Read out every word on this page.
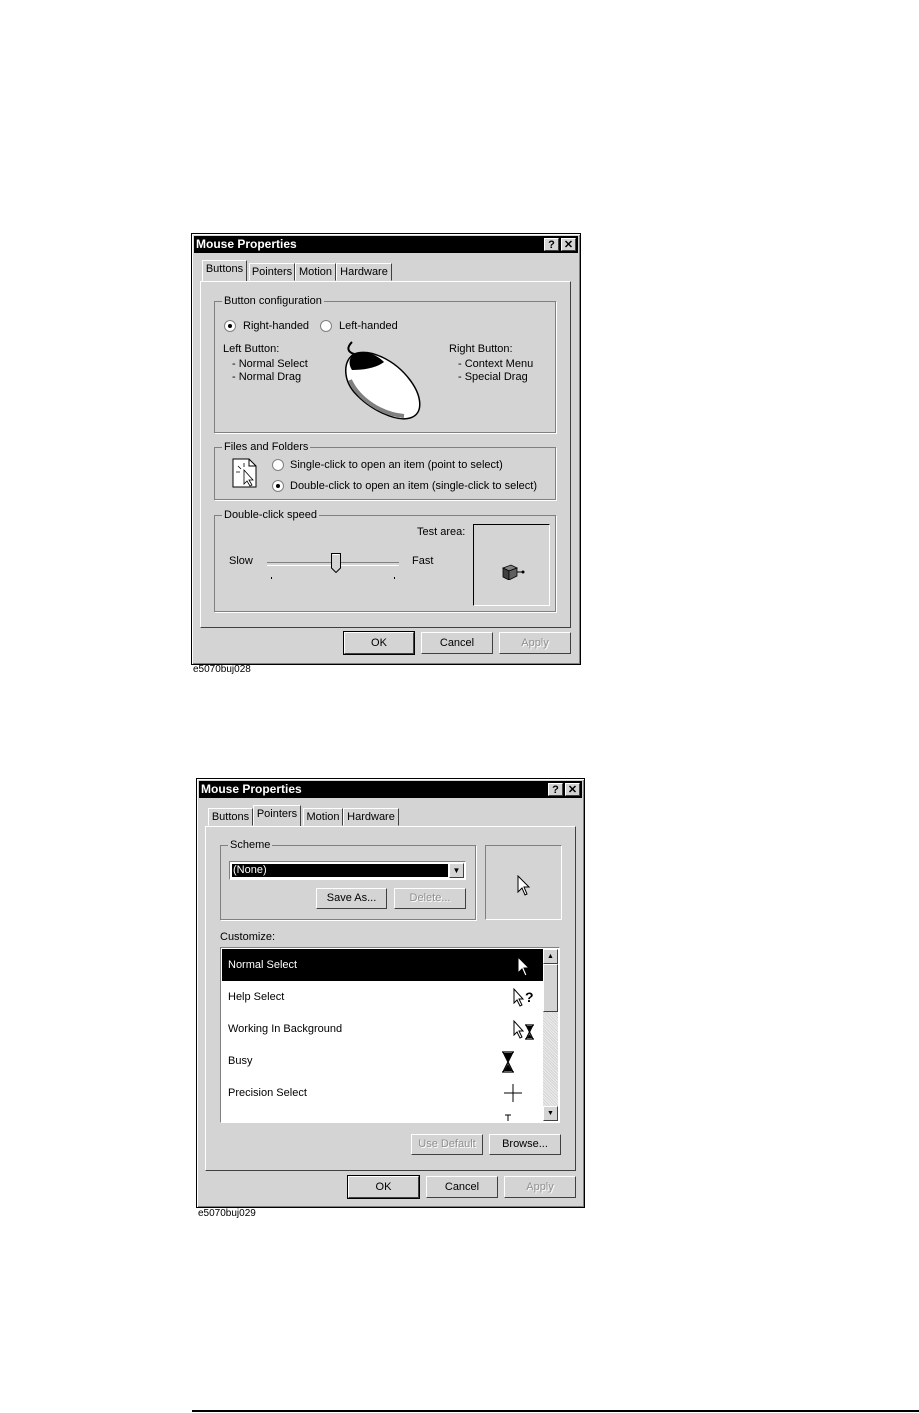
Mouse Properties	? ✕
Buttons Pointers Motion Hardware
Button configuration
Right-handed	Left-handed
Left Button:
- Normal Select
- Normal Drag
Right Button:
- Context Menu
- Special Drag
Files and Folders
Single-click to open an item (point to select)
Double-click to open an item (single-click to select)
Double-click speed
Slow	Fast
Test area:
OK	Cancel	Apply
e5070buj028
Mouse Properties	? ✕
Buttons Pointers Motion Hardware
Scheme
(None)	▼
Save As...	Delete...
Customize:
Normal Select
Help Select	?
Working In Background
Busy
Precision Select
▲
▼
Use Default	Browse...
OK	Cancel	Apply
e5070buj029
